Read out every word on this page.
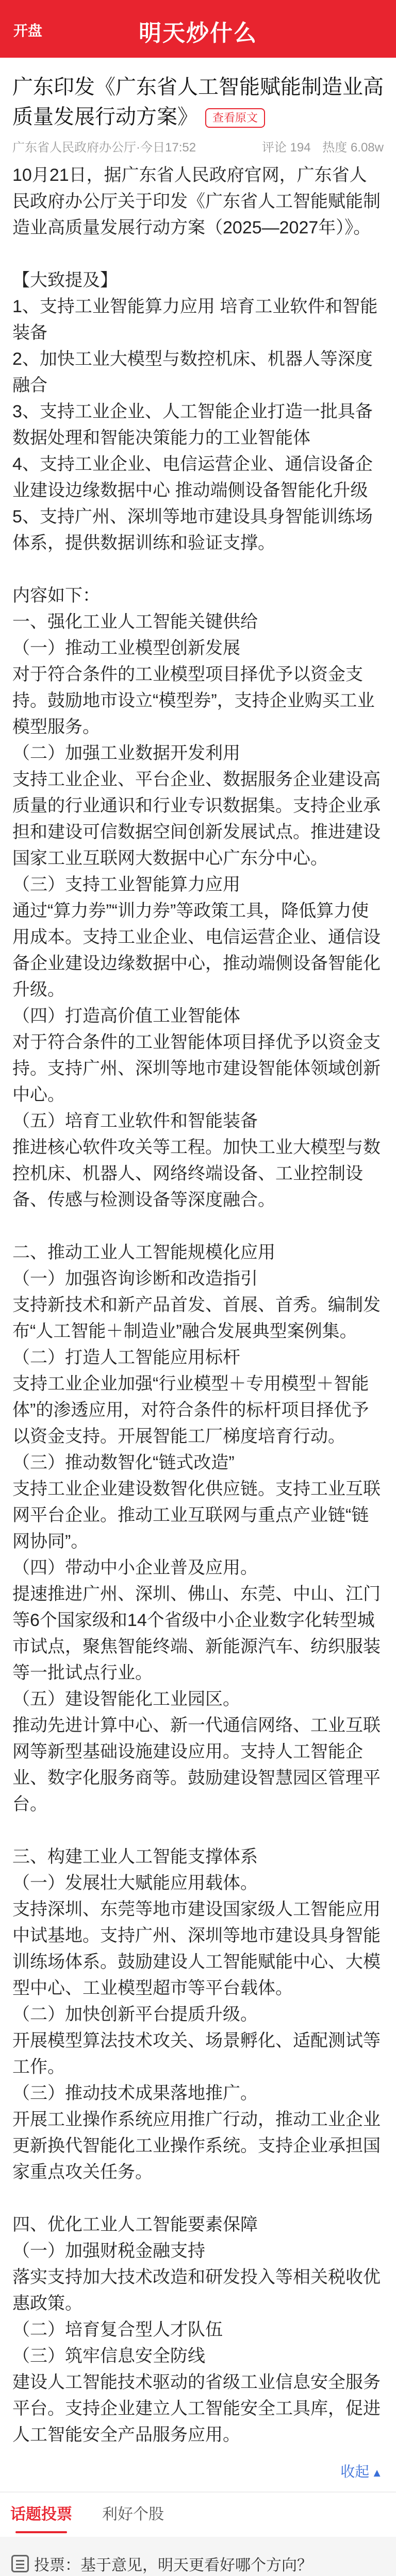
开盘	明天炒什么
广东印发《广东省人工智能赋能制造业高质量发展行动方案》 查看原文
广东省人民政府办公厅·今日17:52	评论 194 热度 6.08w

10月21日，据广东省人民政府官网，广东省人民政府办公厅关于印发《广东省人工智能赋能制造业高质量发展行动方案（2025—2027年）》。

【大致提及】

1、支持工业智能算力应用 培育工业软件和智能装备

2、加快工业大模型与数控机床、机器人等深度融合

3、支持工业企业、人工智能企业打造一批具备数据处理和智能决策能力的工业智能体

4、支持工业企业、电信运营企业、通信设备企业建设边缘数据中心 推动端侧设备智能化升级

5、支持广州、深圳等地市建设具身智能训练场体系，提供数据训练和验证支撑。

内容如下：

一、强化工业人工智能关键供给

（一）推动工业模型创新发展

对于符合条件的工业模型项目择优予以资金支持。鼓励地市设立“模型券”，支持企业购买工业模型服务。

（二）加强工业数据开发利用

支持工业企业、平台企业、数据服务企业建设高质量的行业通识和行业专识数据集。支持企业承担和建设可信数据空间创新发展试点。推进建设国家工业互联网大数据中心广东分中心。

（三）支持工业智能算力应用

通过“算力券”“训力券”等政策工具，降低算力使用成本。支持工业企业、电信运营企业、通信设备企业建设边缘数据中心，推动端侧设备智能化升级。

（四）打造高价值工业智能体

对于符合条件的工业智能体项目择优予以资金支持。支持广州、深圳等地市建设智能体领域创新中心。

（五）培育工业软件和智能装备

推进核心软件攻关等工程。加快工业大模型与数控机床、机器人、网络终端设备、工业控制设备、传感与检测设备等深度融合。

二、推动工业人工智能规模化应用

（一）加强咨询诊断和改造指引

支持新技术和新产品首发、首展、首秀。编制发布“人工智能＋制造业”融合发展典型案例集。

（二）打造人工智能应用标杆

支持工业企业加强“行业模型＋专用模型＋智能体”的渗透应用，对符合条件的标杆项目择优予以资金支持。开展智能工厂梯度培育行动。

（三）推动数智化“链式改造”

支持工业企业建设数智化供应链。支持工业互联网平台企业。推动工业互联网与重点产业链“链网协同”。

（四）带动中小企业普及应用。

提速推进广州、深圳、佛山、东莞、中山、江门等6个国家级和14个省级中小企业数字化转型城市试点，聚焦智能终端、新能源汽车、纺织服装等一批试点行业。

（五）建设智能化工业园区。

推动先进计算中心、新一代通信网络、工业互联网等新型基础设施建设应用。支持人工智能企业、数字化服务商等。鼓励建设智慧园区管理平台。

三、构建工业人工智能支撑体系

（一）发展壮大赋能应用载体。

支持深圳、东莞等地市建设国家级人工智能应用中试基地。支持广州、深圳等地市建设具身智能训练场体系。鼓励建设人工智能赋能中心、大模型中心、工业模型超市等平台载体。

（二）加快创新平台提质升级。

开展模型算法技术攻关、场景孵化、适配测试等工作。

（三）推动技术成果落地推广。

开展工业操作系统应用推广行动，推动工业企业更新换代智能化工业操作系统。支持企业承担国家重点攻关任务。

四、优化工业人工智能要素保障

（一）加强财税金融支持

落实支持加大技术改造和研发投入等相关税收优惠政策。

（二）培育复合型人才队伍

（三）筑牢信息安全防线

建设人工智能技术驱动的省级工业信息安全服务平台。支持企业建立人工智能安全工具库，促进人工智能安全产品服务应用。

收起 ▲
话题投票	利好个股
投票：基于意见，明天更看好哪个方向？
